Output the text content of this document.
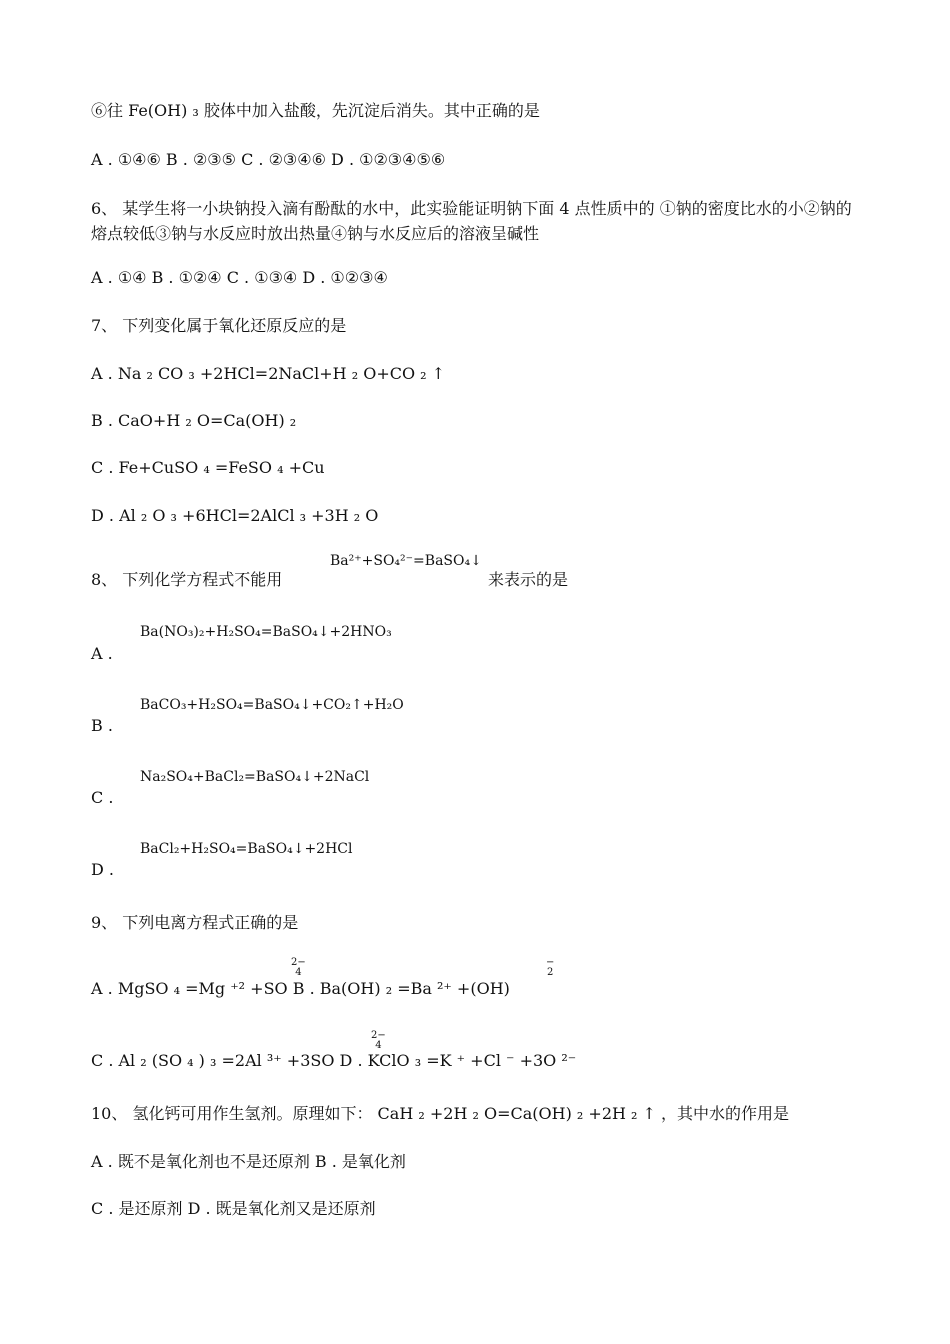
⑥往 Fe(OH) ₃ 胶体中加入盐酸，先沉淀后消失。其中正确的是
A . ①④⑥ B . ②③⑤ C . ②③④⑥ D . ①②③④⑤⑥
6、 某学生将一小块钠投入滴有酚酞的水中，此实验能证明钠下面 4 点性质中的 ①钠的密度比水的小②钠的熔点较低③钠与水反应时放出热量④钠与水反应后的溶液呈碱性
A . ①④ B . ①②④ C . ①③④ D . ①②③④
7、 下列变化属于氧化还原反应的是
A . Na ₂ CO ₃ +2HCl=2NaCl+H ₂ O+CO ₂ ↑
B . CaO+H ₂ O=Ca(OH) ₂
C . Fe+CuSO ₄ =FeSO ₄ +Cu
D . Al ₂ O ₃ +6HCl=2AlCl ₃ +3H ₂ O
8、 下列化学方程式不能用
Ba²⁺+SO₄²⁻=BaSO₄↓
来表示的是
Ba(NO₃)₂+H₂SO₄=BaSO₄↓+2HNO₃
A .
BaCO₃+H₂SO₄=BaSO₄↓+CO₂↑+H₂O
B .
Na₂SO₄+BaCl₂=BaSO₄↓+2NaCl
C .
BaCl₂+H₂SO₄=BaSO₄↓+2HCl
D .
9、 下列电离方程式正确的是
A . MgSO ₄ =Mg ⁺² +SO B . Ba(OH) ₂ =Ba ²⁺ +(OH)
2−
4
−
2
C . Al ₂ (SO ₄ ) ₃ =2Al ³⁺ +3SO D . KClO ₃ =K ⁺ +Cl ⁻ +3O ²⁻
2−
4
10、 氢化钙可用作生氢剂。原理如下： CaH ₂ +2H ₂ O=Ca(OH) ₂ +2H ₂ ↑ ，其中水的作用是
A . 既不是氧化剂也不是还原剂 B . 是氧化剂
C . 是还原剂 D . 既是氧化剂又是还原剂
